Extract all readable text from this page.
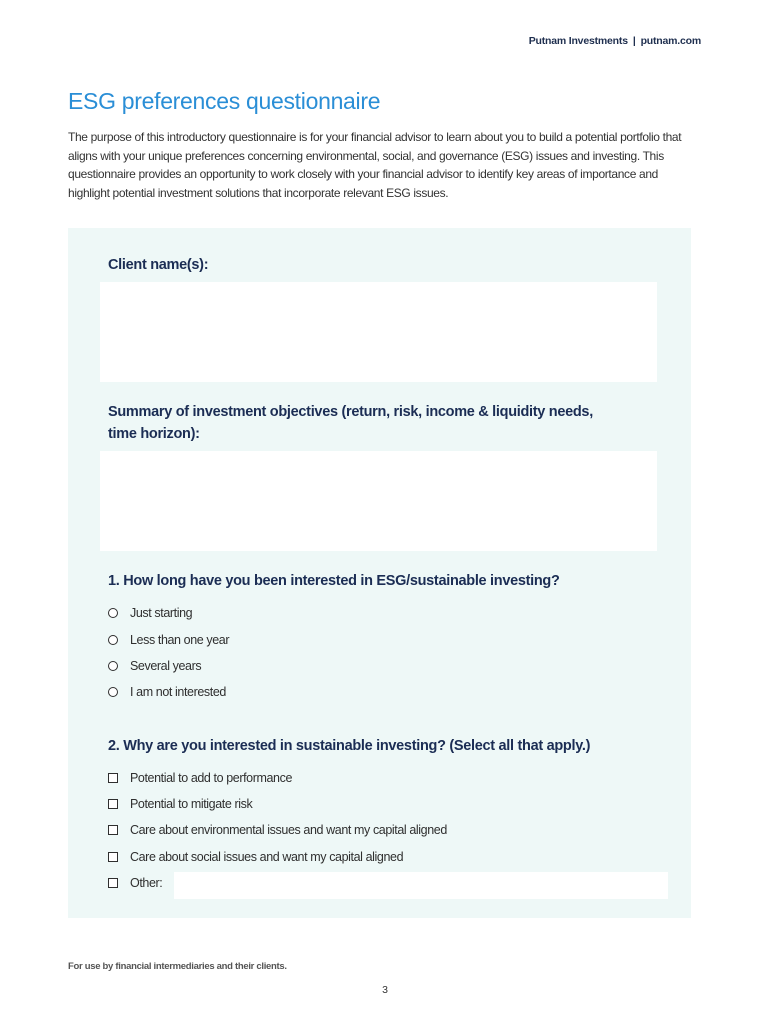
Putnam Investments | putnam.com
ESG preferences questionnaire

The purpose of this introductory questionnaire is for your financial advisor to learn about you to build a potential portfolio that aligns with your unique preferences concerning environmental, social, and governance (ESG) issues and investing. This questionnaire provides an opportunity to work closely with your financial advisor to identify key areas of importance and highlight potential investment solutions that incorporate relevant ESG issues.

Client name(s):

Summary of investment objectives (return, risk, income & liquidity needs,
time horizon):

1. How long have you been interested in ESG/sustainable investing?

Just starting
Less than one year
Several years
I am not interested

2. Why are you interested in sustainable investing? (Select all that apply.)

Potential to add to performance
Potential to mitigate risk
Care about environmental issues and want my capital aligned
Care about social issues and want my capital aligned
Other:
For use by financial intermediaries and their clients.
3
